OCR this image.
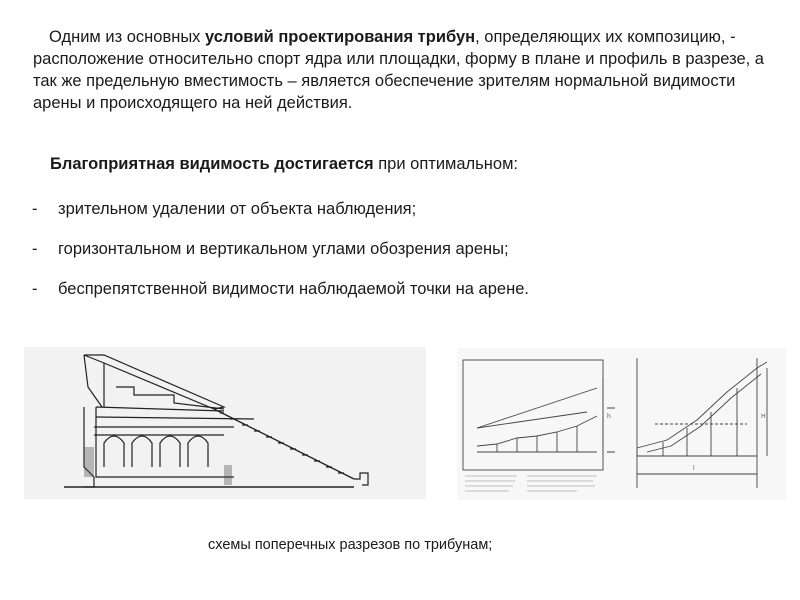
Одним из основных условий проектирования трибун, определяющих их композицию, - расположение относительно спорт ядра или площадки, форму в плане и профиль в разрезе, а так же предельную вместимость – является обеспечение зрителям нормальной видимости арены и происходящего на ней действия.

Благоприятная видимость достигается при оптимальном:

- зрительном удалении от объекта наблюдения;
- горизонтальном и вертикальном углами обозрения арены;
- беспрепятственной видимости наблюдаемой точки на арене.
h	H
l

схемы поперечных разрезов по трибунам;
